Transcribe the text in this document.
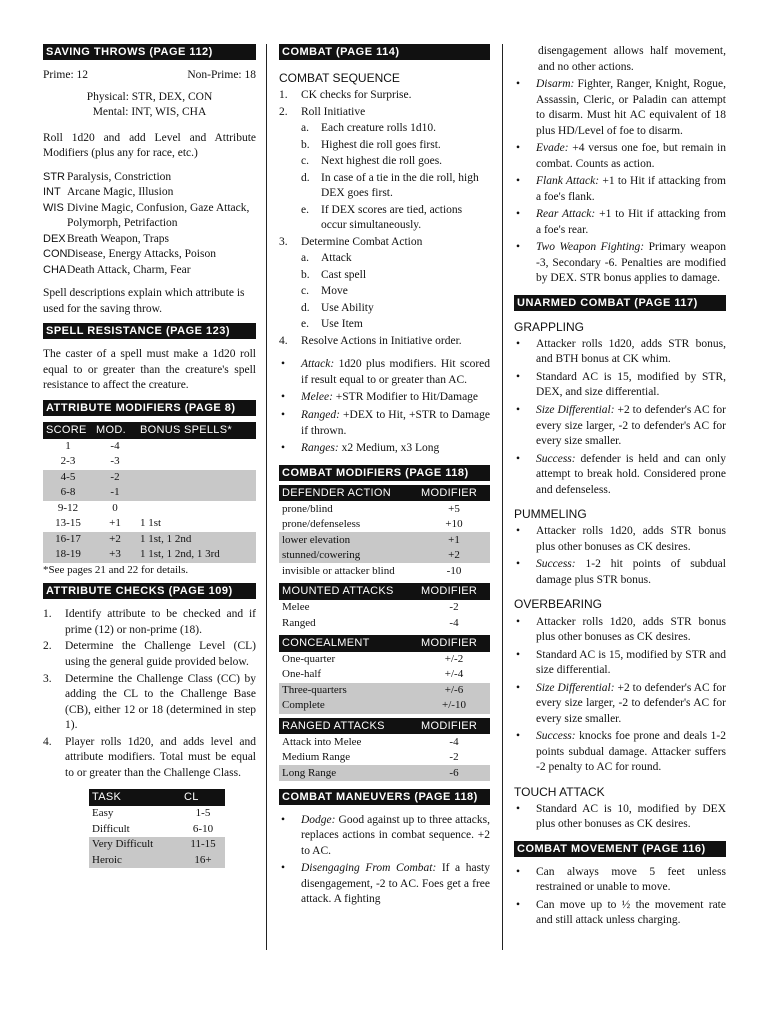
SAVING THROWS (PAGE 112)
Prime: 12	Non-Prime: 18
Physical: STR, DEX, CON
Mental: INT, WIS, CHA

Roll 1d20 and add Level and Attribute Modifiers (plus any for race, etc.)

STR Paralysis, Constriction
INT Arcane Magic, Illusion
WIS Divine Magic, Confusion, Gaze Attack, Polymorph, Petrifaction
DEX Breath Weapon, Traps
CON Disease, Energy Attacks, Poison
CHA Death Attack, Charm, Fear

Spell descriptions explain which attribute is used for the saving throw.

SPELL RESISTANCE (PAGE 123)

The caster of a spell must make a 1d20 roll equal to or greater than the creature's spell resistance to affect the creature.

ATTRIBUTE MODIFIERS (PAGE 8)
SCORE	MOD.	BONUS SPELLS*
1	-4	
2-3	-3	
4-5	-2	
6-8	-1	
9-12	0	
13-15	+1	1 1st
16-17	+2	1 1st, 1 2nd
18-19	+3	1 1st, 1 2nd, 1 3rd
*See pages 21 and 22 for details.
ATTRIBUTE CHECKS (PAGE 109)
1.	Identify attribute to be checked and if prime (12) or non-prime (18).
2.	Determine the Challenge Level (CL) using the general guide provided below.
3.	Determine the Challenge Class (CC) by adding the CL to the Challenge Base (CB), either 12 or 18 (determined in step 1).
4.	Player rolls 1d20, and adds level and attribute modifiers. Total must be equal to or greater than the Challenge Class.
TASK	CL
Easy	1-5
Difficult	6-10
Very Difficult	11-15
Heroic	16+
COMBAT (PAGE 114)
COMBAT SEQUENCE
1.	CK checks for Surprise.
2.	Roll Initiative
a.	Each creature rolls 1d10.
b. Highest die roll goes first.
c.	Next highest die roll goes.
d. In case of a tie in the die roll, high DEX goes first.
e.	If DEX scores are tied, actions occur simultaneously.
3.	Determine Combat Action
a.	Attack
b. Cast spell
c.	Move
d. Use Ability
e.	Use Item
4.	Resolve Actions in Initiative order.
•	Attack: 1d20 plus modifiers. Hit scored if result equal to or greater than AC.
•	Melee: +STR Modifier to Hit/Damage
•	Ranged: +DEX to Hit, +STR to Damage if thrown.
•	Ranges: x2 Medium, x3 Long
COMBAT MODIFIERS (PAGE 118)
DEFENDER ACTION	MODIFIER
prone/blind	+5
prone/defenseless	+10
lower elevation	+1
stunned/cowering	+2
invisible or attacker blind	-10
MOUNTED ATTACKS	MODIFIER
Melee	-2
Ranged	-4
CONCEALMENT	MODIFIER
One-quarter	+/-2
One-half	+/-4
Three-quarters	+/-6
Complete	+/-10
RANGED ATTACKS	MODIFIER
Attack into Melee	-4
Medium Range	-2
Long Range	-6
COMBAT MANEUVERS (PAGE 118)
•	Dodge: Good against up to three attacks, replaces actions in combat sequence. +2 to AC.
•	Disengaging From Combat: If a hasty disengagement, -2 to AC. Foes get a free attack. A fighting

disengagement allows half movement, and no other actions.

•	Disarm: Fighter, Ranger, Knight, Rogue, Assassin, Cleric, or Paladin can attempt to disarm. Must hit AC equivalent of 18 plus HD/Level of foe to disarm.
•	Evade: +4 versus one foe, but remain in combat. Counts as action.
•	Flank Attack: +1 to Hit if attacking from a foe's flank.
•	Rear Attack: +1 to Hit if attacking from a foe's rear.
•	Two Weapon Fighting: Primary weapon -3, Secondary -6. Penalties are modified by DEX. STR bonus applies to damage.
UNARMED COMBAT (PAGE 117)
GRAPPLING
•	Attacker rolls 1d20, adds STR bonus, and BTH bonus at CK whim.
•	Standard AC is 15, modified by STR, DEX, and size differential.
•	Size Differential: +2 to defender's AC for every size larger, -2 to defender's AC for every size smaller.
•	Success: defender is held and can only attempt to break hold. Considered prone and defenseless.
PUMMELING
•	Attacker rolls 1d20, adds STR bonus plus other bonuses as CK desires.
•	Success: 1-2 hit points of subdual damage plus STR bonus.
OVERBEARING
•	Attacker rolls 1d20, adds STR bonus plus other bonuses as CK desires.
•	Standard AC is 15, modified by STR and size differential.
•	Size Differential: +2 to defender's AC for every size larger, -2 to defender's AC for every size smaller.
•	Success: knocks foe prone and deals 1-2 points subdual damage. Attacker suffers -2 penalty to AC for round.
TOUCH ATTACK
•	Standard AC is 10, modified by DEX plus other bonuses as CK desires.
COMBAT MOVEMENT (PAGE 116)
•	Can always move 5 feet unless restrained or unable to move.
•	Can move up to ½ the movement rate and still attack unless charging.
